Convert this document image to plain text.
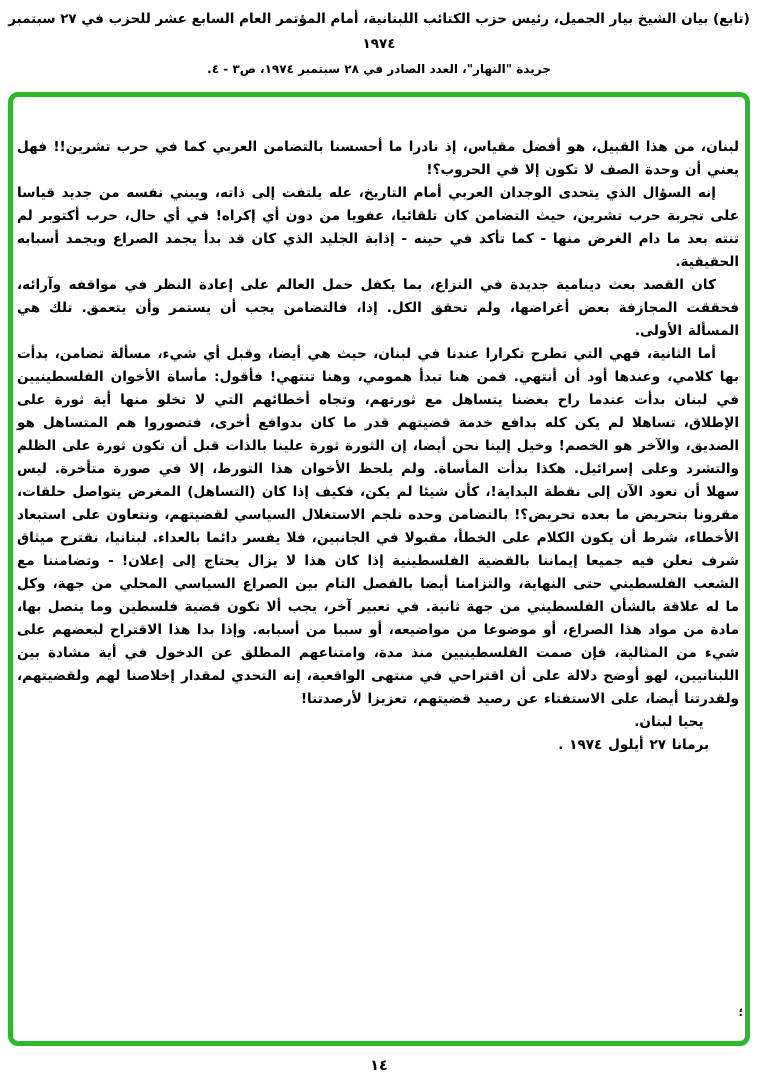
(تابع) بيان الشيخ بيار الجميل، رئيس حزب الكتائب اللبنانية، أمام المؤتمر العام السابع عشر للحزب في ٢٧ سبتمبر
١٩٧٤
جريدة "النهار"، العدد الصادر في ٢٨ سبتمبر ١٩٧٤، ص٣ - ٤.

لبنان، من هذا القبيل، هو أفضل مقياس، إذ نادرا ما أحسسنا بالتضامن العربي كما في حرب تشرين!! فهل يعني أن وحدة الصف لا تكون إلا في الحروب؟!

إنه السؤال الذي يتحدى الوجدان العربي أمام التاريخ، عله يلتفت إلى ذاته، ويبني نفسه من جديد قياسا على تجربة حرب تشرين، حيث التضامن كان تلقائيا، عفويا من دون أي إكراه! في أي حال، حرب أكتوبر لم تنته بعد ما دام الغرض منها - كما تأكد في حينه - إذابة الجليد الذي كان قد بدأ يجمد الصراع ويجمد أسبابه الحقيقية.

كان القصد بعث دينامية جديدة في النزاع، بما يكفل حمل العالم على إعادة النظر في مواقفه وآرائه، فحققت المجازفة بعض أغراضها، ولم تحقق الكل. إذا، فالتضامن يجب أن يستمر وأن يتعمق. تلك هي المسألة الأولى.

أما الثانية، فهي التي تطرح تكرارا عندنا في لبنان، حيث هي أيضا، وقبل أي شيء، مسألة تضامن، بدأت بها كلامي، وعندها أود أن أنتهي. فمن هنا تبدأ همومي، وهنا تنتهي! فأقول: مأساة الأخوان الفلسطينيين في لبنان بدأت عندما راح بعضنا يتساهل مع ثورتهم، وتجاه أخطائهم التي لا تخلو منها أية ثورة على الإطلاق، تساهلا لم يكن كله بدافع خدمة قضيتهم قدر ما كان بدوافع أخرى، فتصوروا هم المتساهل هو الصديق، والآخر هو الخصم! وخيل إلينا نحن أيضا، إن الثورة ثورة علينا بالذات قبل أن تكون ثورة على الظلم والتشرد وعلى إسرائيل. هكذا بدأت المأساة. ولم يلحظ الأخوان هذا التورط، إلا في صورة متأخرة. ليس سهلا أن نعود الآن إلى نقطة البداية!، كأن شيئا لم يكن، فكيف إذا كان (التساهل) المغرض يتواصل حلقات، مقرونا بتحريض ما بعده تحريض؟! بالتضامن وحده نلجم الاستغلال السياسي لقضيتهم، ونتعاون على استبعاد الأخطاء، شرط أن يكون الكلام على الخطأ، مقبولا في الجانبين، فلا يفسر دائما بالعداء. لبنانيا، نقترح ميثاق شرف نعلن فيه جميعا إيماننا بالقضية الفلسطينية إذا كان هذا لا يزال يحتاج إلى إعلان! - وتضامننا مع الشعب الفلسطيني حتى النهاية، والتزامنا أيضا بالفصل التام بين الصراع السياسي المحلي من جهة، وكل ما له علاقة بالشأن الفلسطيني من جهة ثانية. في تعبير آخر، يجب ألا تكون قضية فلسطين وما يتصل بها، مادة من مواد هذا الصراع، أو موضوعا من مواضيعه، أو سببا من أسبابه. وإذا بدا هذا الاقتراح لبعضهم على شيء من المثالية، فإن صمت الفلسطينيين منذ مدة، وامتناعهم المطلق عن الدخول في أية مشادة بين اللبنانيين، لهو أوضح دلالة على أن اقتراحي في منتهى الواقعية، إنه التحدي لمقدار إخلاصنا لهم ولقضيتهم، ولقدرتنا أيضا، على الاستفتاء عن رصيد قضيتهم، تعزيزا لأرصدتنا!

يحيا لبنان.

برمانا ٢٧ أيلول ١٩٧٤ .

؛
١٤
